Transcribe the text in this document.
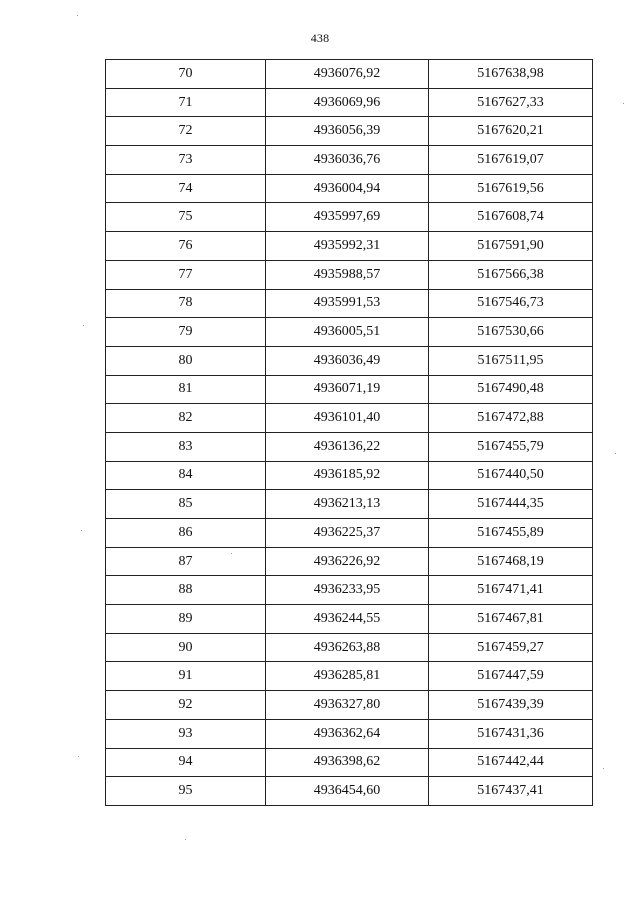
438
70	4936076,92	5167638,98
71	4936069,96	5167627,33
72	4936056,39	5167620,21
73	4936036,76	5167619,07
74	4936004,94	5167619,56
75	4935997,69	5167608,74
76	4935992,31	5167591,90
77	4935988,57	5167566,38
78	4935991,53	5167546,73
79	4936005,51	5167530,66
80	4936036,49	5167511,95
81	4936071,19	5167490,48
82	4936101,40	5167472,88
83	4936136,22	5167455,79
84	4936185,92	5167440,50
85	4936213,13	5167444,35
86	4936225,37	5167455,89
87	4936226,92	5167468,19
88	4936233,95	5167471,41
89	4936244,55	5167467,81
90	4936263,88	5167459,27
91	4936285,81	5167447,59
92	4936327,80	5167439,39
93	4936362,64	5167431,36
94	4936398,62	5167442,44
95	4936454,60	5167437,41
